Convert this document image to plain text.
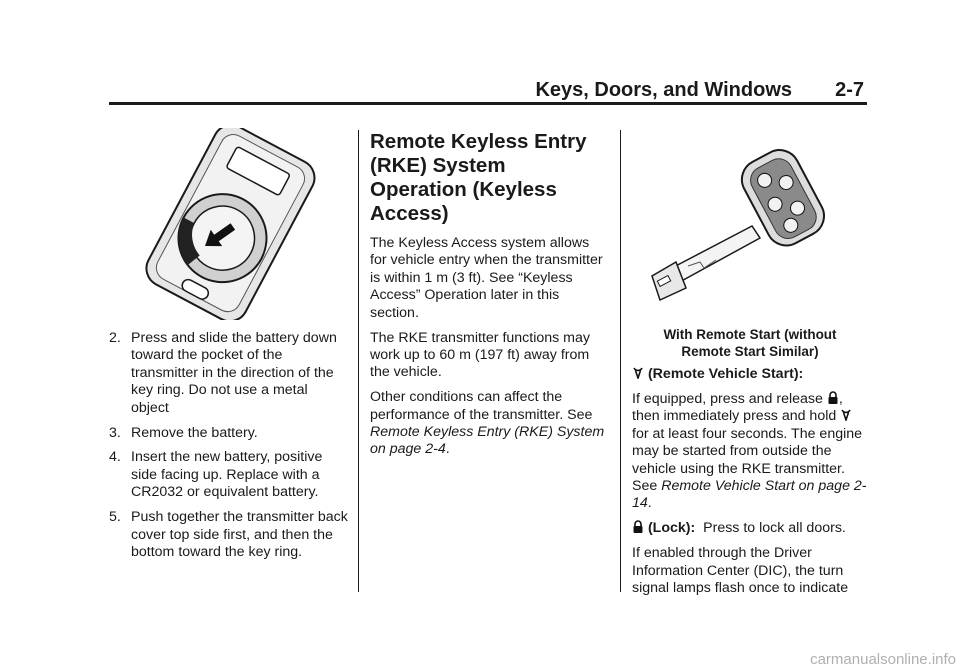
Keys, Doors, and Windows 2-7
2. Press and slide the battery down toward the pocket of the transmitter in the direction of the key ring. Do not use a metal object
3. Remove the battery.
4. Insert the new battery, positive side facing up. Replace with a CR2032 or equivalent battery.
5. Push together the transmitter back cover top side first, and then the bottom toward the key ring.
Remote Keyless Entry (RKE) System Operation (Keyless Access)

The Keyless Access system allows for vehicle entry when the transmitter is within 1 m (3 ft). See “Keyless Access” Operation later in this section.

The RKE transmitter functions may work up to 60 m (197 ft) away from the vehicle.

Other conditions can affect the performance of the transmitter. See Remote Keyless Entry (RKE) System on page 2-4.

With Remote Start (without Remote Start Similar)

(Remote Vehicle Start):

If equipped, press and release ,
then immediately press and hold

for at least four seconds. The engine may be started from outside the vehicle using the RKE transmitter. See Remote Vehicle Start on page 2-14.

(Lock): Press to lock all doors.

If enabled through the Driver Information Center (DIC), the turn signal lamps flash once to indicate

carmanualsonline.info
